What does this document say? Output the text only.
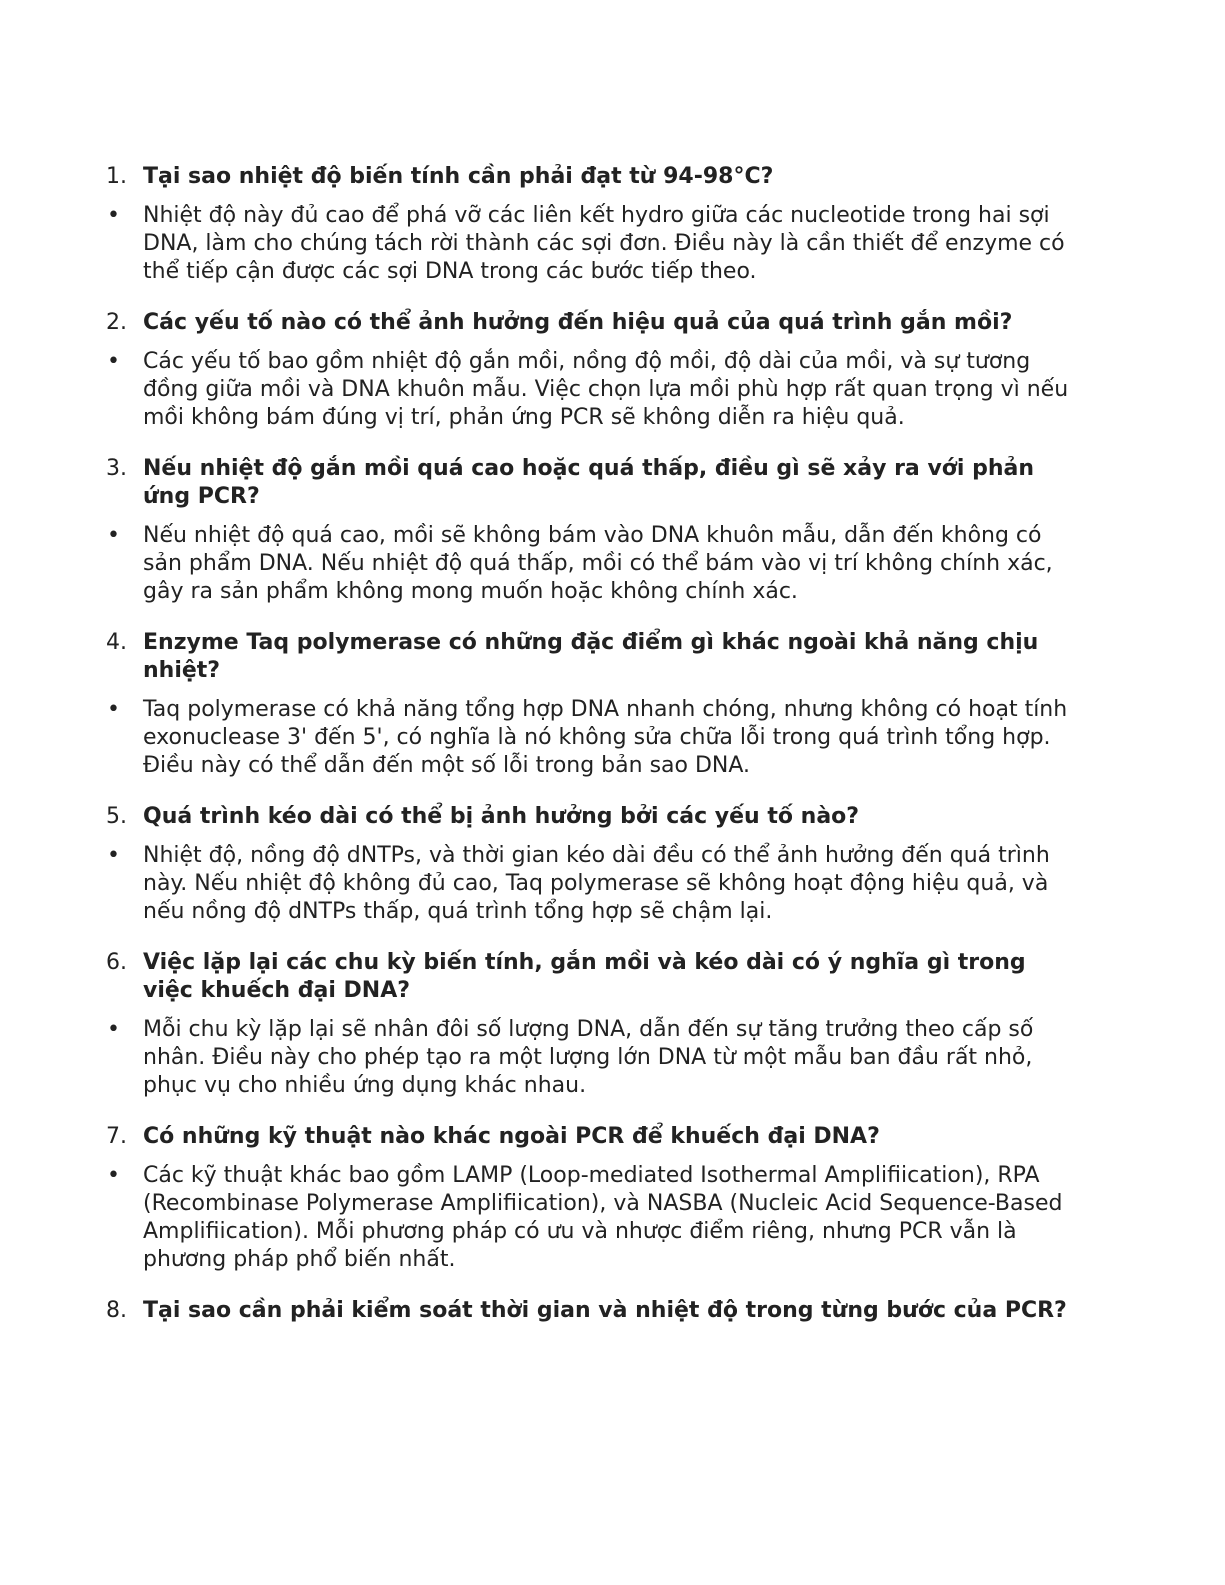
1. Tại sao nhiệt độ biến tính cần phải đạt từ 94-98°C?
• Nhiệt độ này đủ cao để phá vỡ các liên kết hydro giữa các nucleotide trong hai sợi DNA, làm cho chúng tách rời thành các sợi đơn. Điều này là cần thiết để enzyme có thể tiếp cận được các sợi DNA trong các bước tiếp theo.
2. Các yếu tố nào có thể ảnh hưởng đến hiệu quả của quá trình gắn mồi?
• Các yếu tố bao gồm nhiệt độ gắn mồi, nồng độ mồi, độ dài của mồi, và sự tương đồng giữa mồi và DNA khuôn mẫu. Việc chọn lựa mồi phù hợp rất quan trọng vì nếu mồi không bám đúng vị trí, phản ứng PCR sẽ không diễn ra hiệu quả.
3. Nếu nhiệt độ gắn mồi quá cao hoặc quá thấp, điều gì sẽ xảy ra với phản ứng PCR?
• Nếu nhiệt độ quá cao, mồi sẽ không bám vào DNA khuôn mẫu, dẫn đến không có sản phẩm DNA. Nếu nhiệt độ quá thấp, mồi có thể bám vào vị trí không chính xác, gây ra sản phẩm không mong muốn hoặc không chính xác.
4. Enzyme Taq polymerase có những đặc điểm gì khác ngoài khả năng chịu nhiệt?
• Taq polymerase có khả năng tổng hợp DNA nhanh chóng, nhưng không có hoạt tính exonuclease 3' đến 5', có nghĩa là nó không sửa chữa lỗi trong quá trình tổng hợp. Điều này có thể dẫn đến một số lỗi trong bản sao DNA.
5. Quá trình kéo dài có thể bị ảnh hưởng bởi các yếu tố nào?
• Nhiệt độ, nồng độ dNTPs, và thời gian kéo dài đều có thể ảnh hưởng đến quá trình này. Nếu nhiệt độ không đủ cao, Taq polymerase sẽ không hoạt động hiệu quả, và nếu nồng độ dNTPs thấp, quá trình tổng hợp sẽ chậm lại.
6. Việc lặp lại các chu kỳ biến tính, gắn mồi và kéo dài có ý nghĩa gì trong việc khuếch đại DNA?
• Mỗi chu kỳ lặp lại sẽ nhân đôi số lượng DNA, dẫn đến sự tăng trưởng theo cấp số nhân. Điều này cho phép tạo ra một lượng lớn DNA từ một mẫu ban đầu rất nhỏ, phục vụ cho nhiều ứng dụng khác nhau.
7. Có những kỹ thuật nào khác ngoài PCR để khuếch đại DNA?
• Các kỹ thuật khác bao gồm LAMP (Loop-mediated Isothermal Amplifiication), RPA (Recombinase Polymerase Amplifiication), và NASBA (Nucleic Acid Sequence-Based Amplifiication). Mỗi phương pháp có ưu và nhược điểm riêng, nhưng PCR vẫn là phương pháp phổ biến nhất.
8. Tại sao cần phải kiểm soát thời gian và nhiệt độ trong từng bước của PCR?
